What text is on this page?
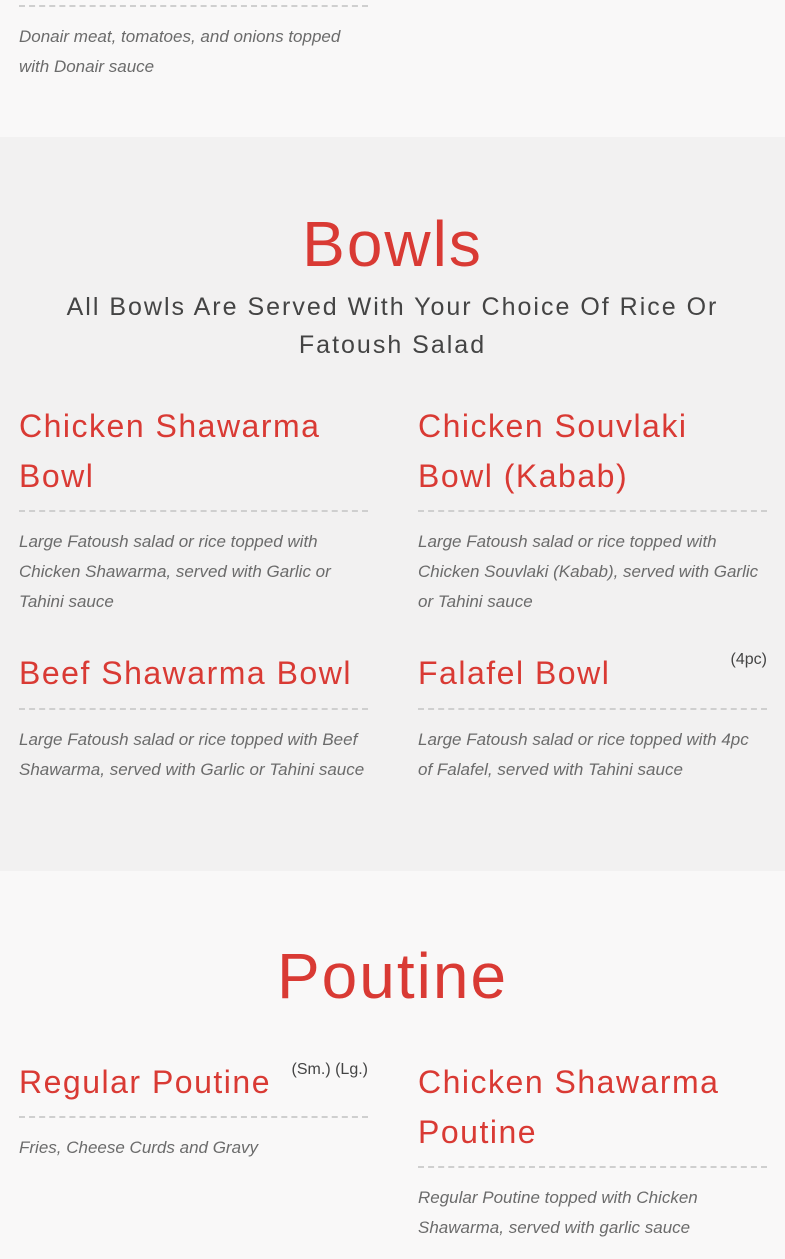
Donair meat, tomatoes, and onions topped with Donair sauce

Bowls

All Bowls Are Served With Your Choice Of Rice Or Fatoush Salad

Chicken Shawarma Bowl

Large Fatoush salad or rice topped with Chicken Shawarma, served with Garlic or Tahini sauce

Chicken Souvlaki Bowl (Kabab)

Large Fatoush salad or rice topped with Chicken Souvlaki (Kabab), served with Garlic or Tahini sauce

Beef Shawarma Bowl

Large Fatoush salad or rice topped with Beef Shawarma, served with Garlic or Tahini sauce

Falafel Bowl	(4pc)

Large Fatoush salad or rice topped with 4pc of Falafel, served with Tahini sauce

Poutine
Regular Poutine	(Sm.) (Lg.)

Fries, Cheese Curds and Gravy

Chicken Shawarma Poutine

Regular Poutine topped with Chicken Shawarma, served with garlic sauce
